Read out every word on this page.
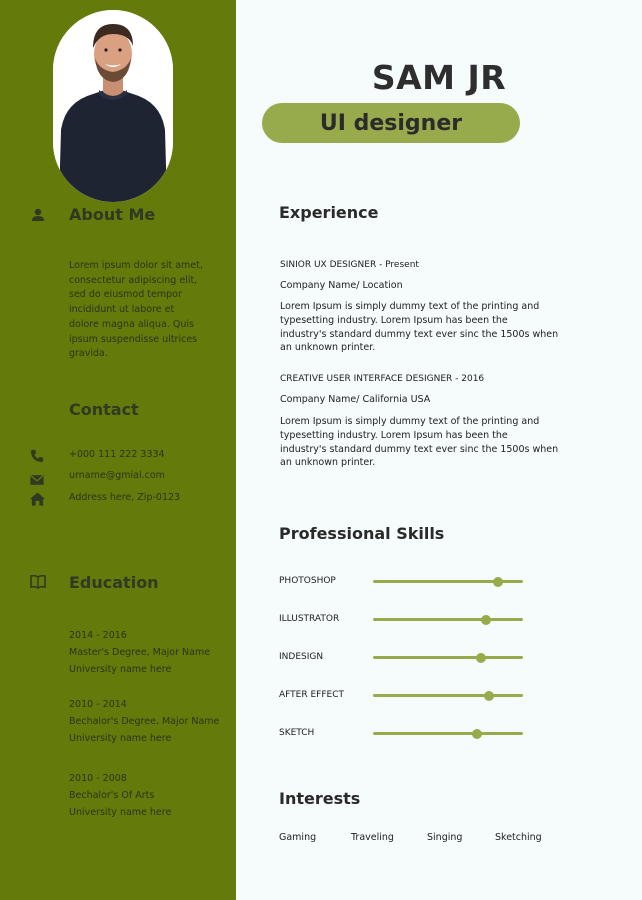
About Me
Lorem ipsum dolor sit amet,
consectetur adipiscing elit,
sed do eiusmod tempor
incididunt ut labore et
dolore magna aliqua. Quis
ipsum suspendisse ultrices
gravida.
Contact
+000 111 222 3334
urname@gmial.com
Address here, Zip-0123
Education
2014 - 2016
Master's Degree, Major Name
University name here
2010 - 2014
Bechalor's Degree, Major Name
University name here
2010 - 2008
Bechalor's Of Arts
University name here
SAM JR
UI designer
Experience
SINIOR UX DESIGNER - Present
Company Name/ Location
Lorem Ipsum is simply dummy text of the printing and
typesetting industry. Lorem Ipsum has been the
industry's standard dummy text ever sinc the 1500s when
an unknown printer.
CREATIVE USER INTERFACE DESIGNER - 2016
Company Name/ California USA
Lorem Ipsum is simply dummy text of the printing and
typesetting industry. Lorem Ipsum has been the
industry's standard dummy text ever sinc the 1500s when
an unknown printer.
Professional Skills
PHOTOSHOP
ILLUSTRATOR
INDESIGN
AFTER EFFECT
SKETCH
Interests
Gaming	Traveling	Singing	Sketching
